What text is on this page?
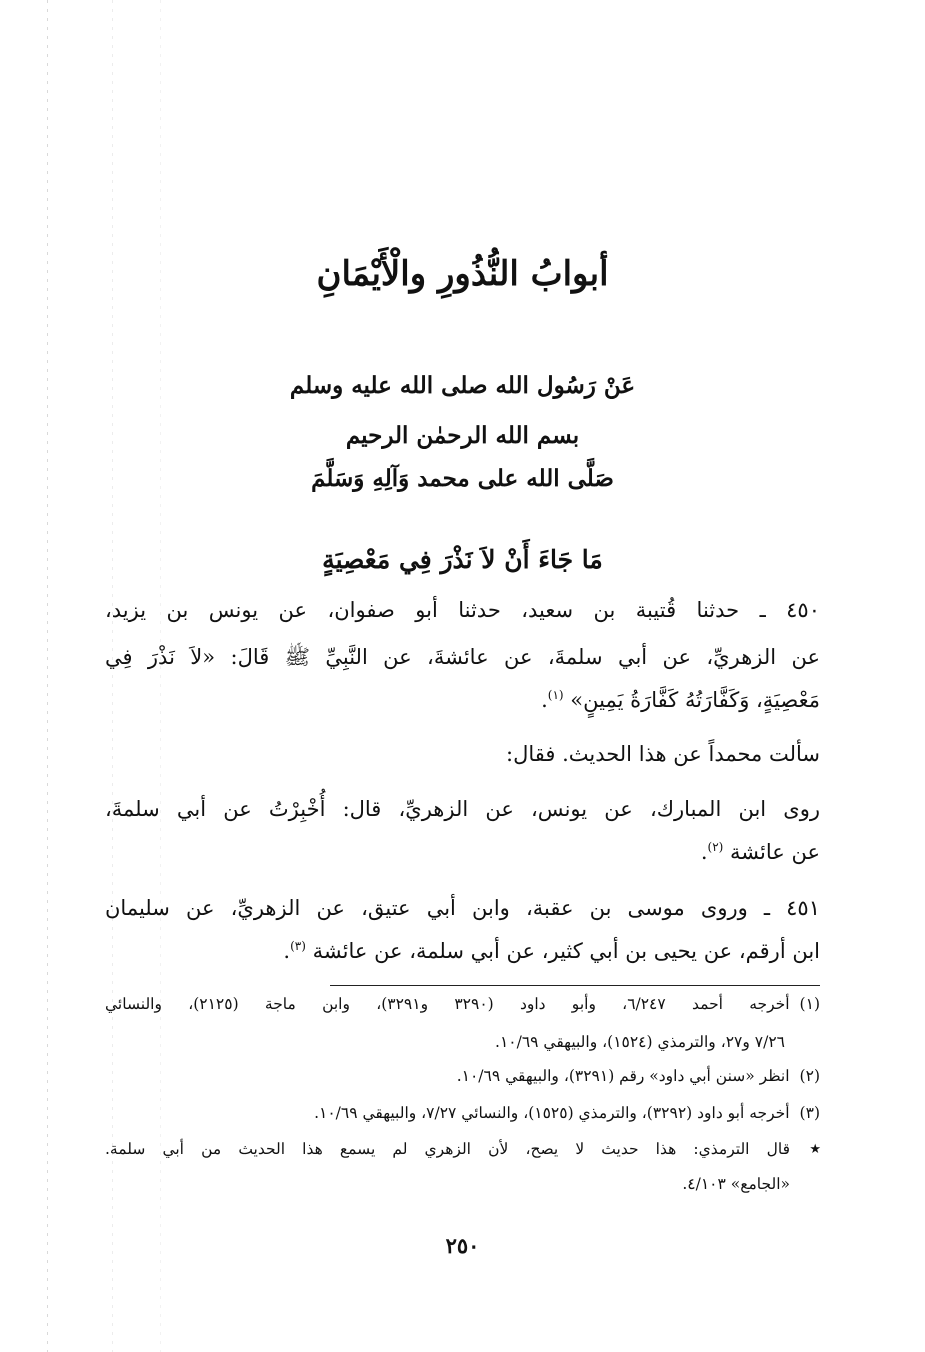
أبوابُ النُّذُورِ والْأَيْمَانِ
عَنْ رَسُول الله صلى الله عليه وسلم
بسم الله الرحمٰن الرحيم
صَلَّى الله على محمد وَآلِهِ وَسَلَّمَ
مَا جَاءَ أَنْ لاَ نَذْرَ فِي مَعْصِيَةٍ
٤٥٠ ـ حدثنا قُتيبة بن سعيد، حدثنا أبو صفوان، عن يونس بن يزيد،
عن الزهريِّ، عن أبي سلمةَ، عن عائشةَ، عن النَّبِيِّ ﷺ قَالَ: «لاَ نَذْرَ فِي
مَعْصِيَةٍ، وَكَفَّارَتُهُ كَفَّارَةُ يَمِينٍ» $^{(١)}$.
سألت محمداً عن هذا الحديث. فقال:
روى ابن المبارك، عن يونس، عن الزهريِّ، قال: أُخْبِرْتُ عن أبي سلمةَ،
عن عائشة $^{(٢)}$.
٤٥١ ـ وروى موسى بن عقبة، وابن أبي عتيق، عن الزهريِّ، عن سليمان
ابن أرقم، عن يحيى بن أبي كثير، عن أبي سلمة، عن عائشة $^{(٣)}$.
(١)أخرجه أحمد ٦/٢٤٧، وأبو داود (٣٢٩٠ و٣٢٩١)، وابن ماجة (٢١٢٥)، والنسائي
٧/٢٦ و٢٧، والترمذي (١٥٢٤)، والبيهقي ١٠/٦٩.
(٢)انظر «سنن أبي داود» رقم (٣٢٩١)، والبيهقي ١٠/٦٩.
(٣)أخرجه أبو داود (٣٢٩٢)، والترمذي (١٥٢٥)، والنسائي ٧/٢٧، والبيهقي ١٠/٦٩.
★
قال الترمذي: هذا حديث لا يصح، لأن الزهري لم يسمع هذا الحديث من أبي سلمة.
«الجامع» ٤/١٠٣.
٢٥٠
